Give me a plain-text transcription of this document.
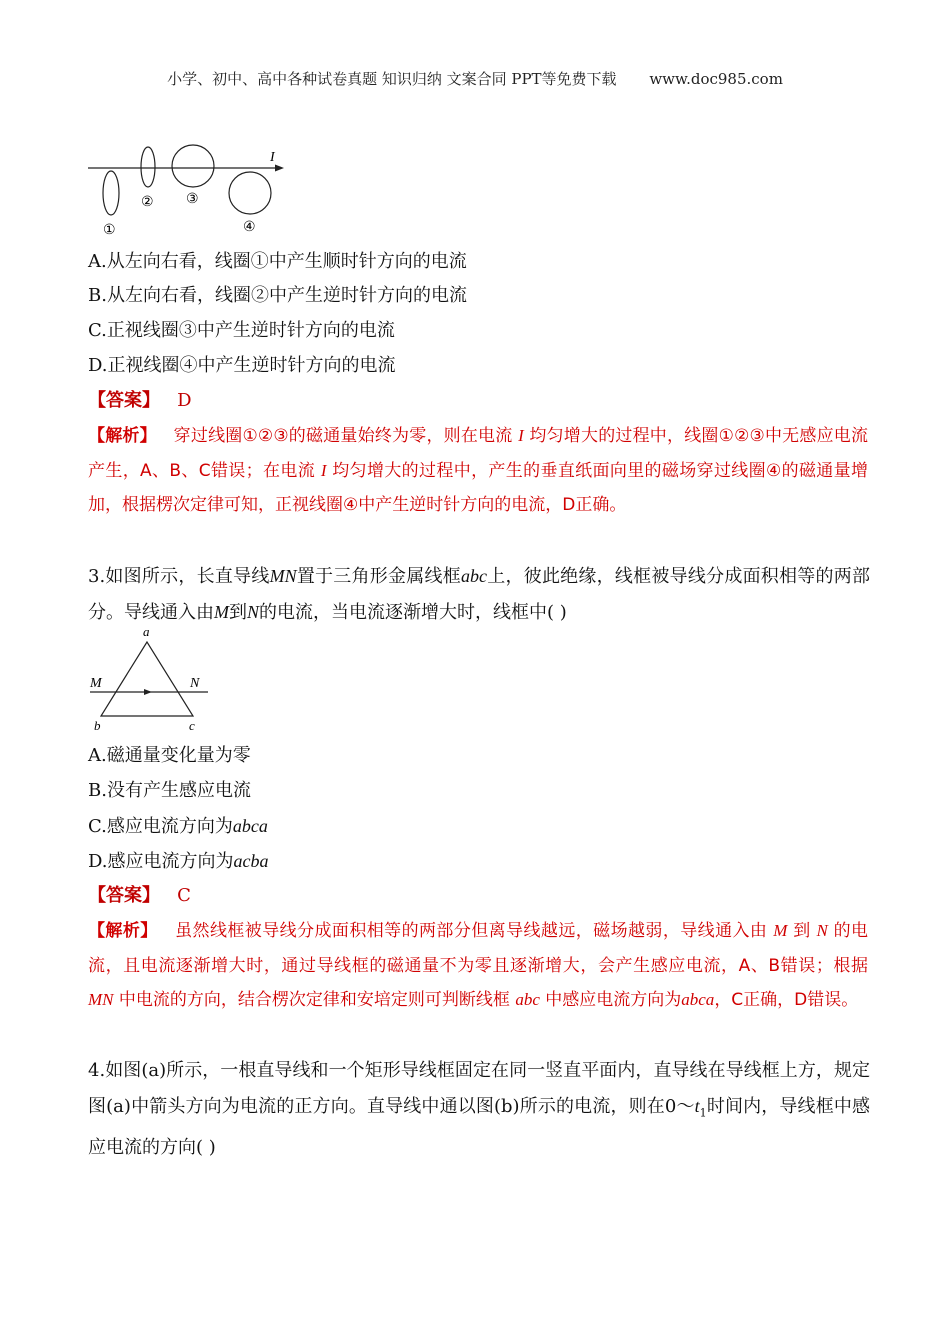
小学、初中、高中各种试卷真题 知识归纳 文案合同 PPT等免费下载 www.doc985.com
I
①
② ③
④
A.从左向右看，线圈①中产生顺时针方向的电流
B.从左向右看，线圈②中产生逆时针方向的电流
C.正视线圈③中产生逆时针方向的电流
D.正视线圈④中产生逆时针方向的电流
【答案】 D
【解析】 穿过线圈①②③的磁通量始终为零，则在电流 I 均匀增大的过程中，线圈①②③中无感应电流产生，A、B、C错误；在电流 I 均匀增大的过程中，产生的垂直纸面向里的磁场穿过线圈④的磁通量增加，根据楞次定律可知，正视线圈④中产生逆时针方向的电流，D正确。
3.如图所示，长直导线MN置于三角形金属线框abc上，彼此绝缘，线框被导线分成面积相等的两部分。导线通入由M到N的电流，当电流逐渐增大时，线框中( )
a
b	c
M	N
A.磁通量变化量为零
B.没有产生感应电流
C.感应电流方向为abca
D.感应电流方向为acba
【答案】 C
【解析】 虽然线框被导线分成面积相等的两部分但离导线越远，磁场越弱，导线通入由 M 到 N 的电流，且电流逐渐增大时，通过导线框的磁通量不为零且逐渐增大，会产生感应电流，A、B错误；根据 MN 中电流的方向，结合楞次定律和安培定则可判断线框 abc 中感应电流方向为abca，C正确，D错误。
4.如图(a)所示，一根直导线和一个矩形导线框固定在同一竖直平面内，直导线在导线框上方，规定图(a)中箭头方向为电流的正方向。直导线中通以图(b)所示的电流，则在$0\sim t_1$时间内，导线框中感应电流的方向( )
